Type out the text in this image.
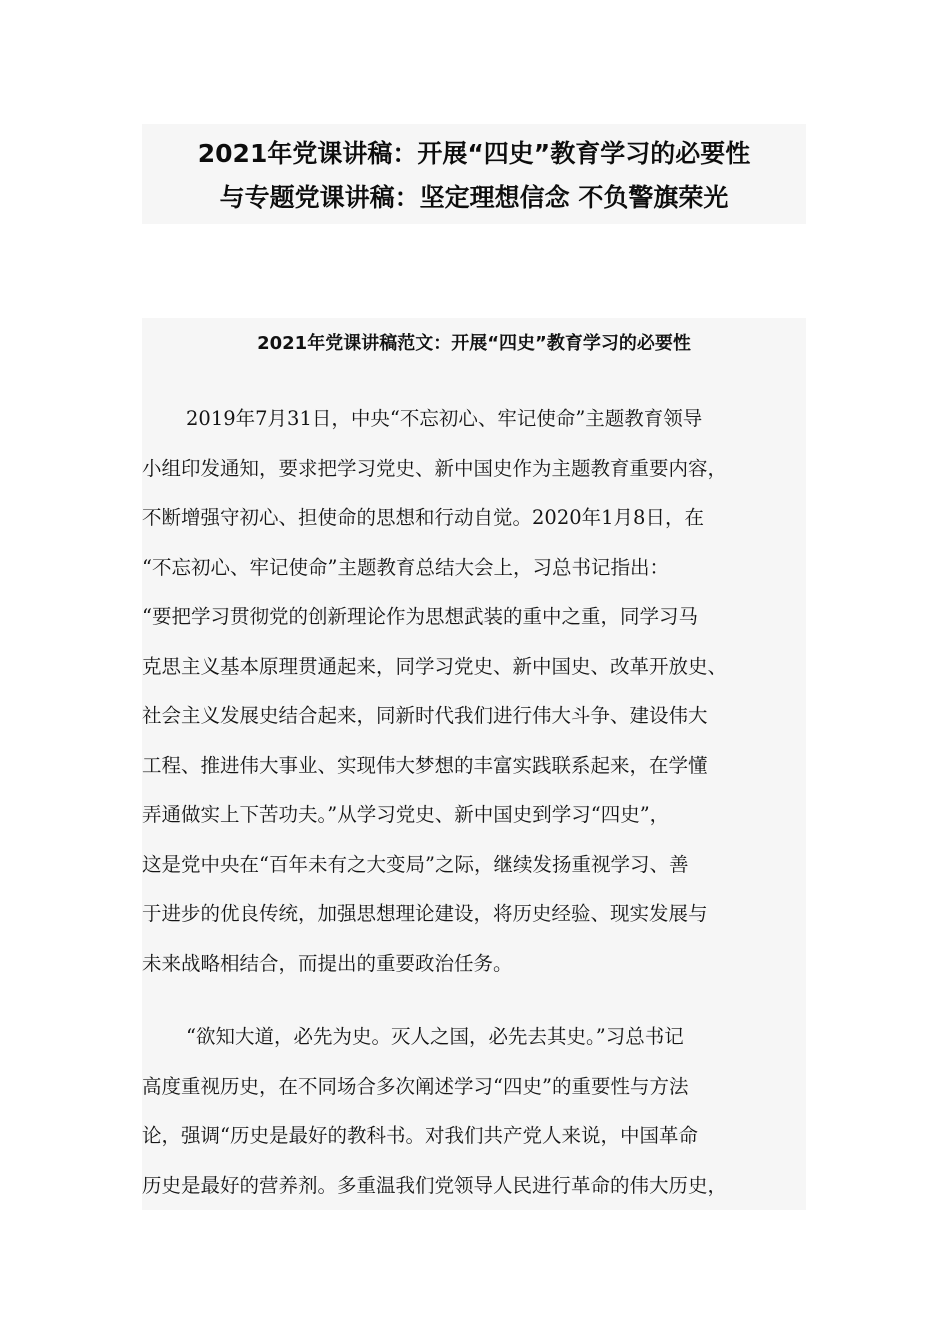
2021年党课讲稿：开展“四史”教育学习的必要性
与专题党课讲稿：坚定理想信念 不负警旗荣光
2021年党课讲稿范文：开展“四史”教育学习的必要性
2019年7月31日，中央“不忘初心、牢记使命”主题教育领导
小组印发通知，要求把学习党史、新中国史作为主题教育重要内容，
不断增强守初心、担使命的思想和行动自觉。2020年1月8日，在
“不忘初心、牢记使命”主题教育总结大会上，习总书记指出：
“要把学习贯彻党的创新理论作为思想武装的重中之重，同学习马
克思主义基本原理贯通起来，同学习党史、新中国史、改革开放史、
社会主义发展史结合起来，同新时代我们进行伟大斗争、建设伟大
工程、推进伟大事业、实现伟大梦想的丰富实践联系起来，在学懂
弄通做实上下苦功夫。”从学习党史、新中国史到学习“四史”，
这是党中央在“百年未有之大变局”之际，继续发扬重视学习、善
于进步的优良传统，加强思想理论建设，将历史经验、现实发展与
未来战略相结合，而提出的重要政治任务。
“欲知大道，必先为史。灭人之国，必先去其史。”习总书记
高度重视历史，在不同场合多次阐述学习“四史”的重要性与方法
论，强调“历史是最好的教科书。对我们共产党人来说，中国革命
历史是最好的营养剂。多重温我们党领导人民进行革命的伟大历史，
